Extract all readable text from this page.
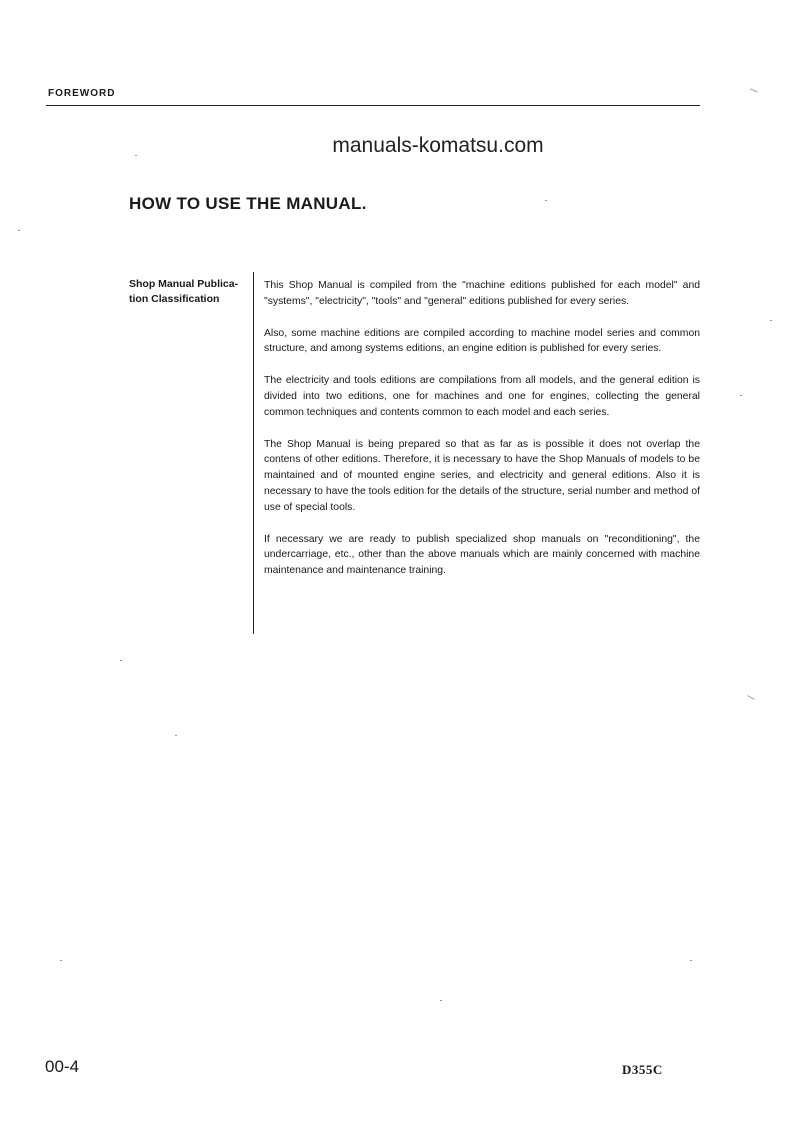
FOREWORD
manuals-komatsu.com
HOW TO USE THE MANUAL.
Shop Manual Publica-
tion Classification

This Shop Manual is compiled from the "machine editions published for each model" and "systems", "electricity", "tools" and "general" editions published for every series.

Also, some machine editions are compiled according to machine model series and common structure, and among systems editions, an engine edition is published for every series.

The electricity and tools editions are compilations from all models, and the general edition is divided into two editions, one for machines and one for engines, collecting the general common techniques and contents common to each model and each series.

The Shop Manual is being prepared so that as far as is possible it does not overlap the contens of other editions. Therefore, it is necessary to have the Shop Manuals of models to be maintained and of mounted engine series, and electricity and general editions. Also it is necessary to have the tools edition for the details of the structure, serial number and method of use of special tools.

If necessary we are ready to publish specialized shop manuals on "reconditioning", the undercarriage, etc., other than the above manuals which are mainly concerned with machine maintenance and maintenance training.

00-4	D355C
